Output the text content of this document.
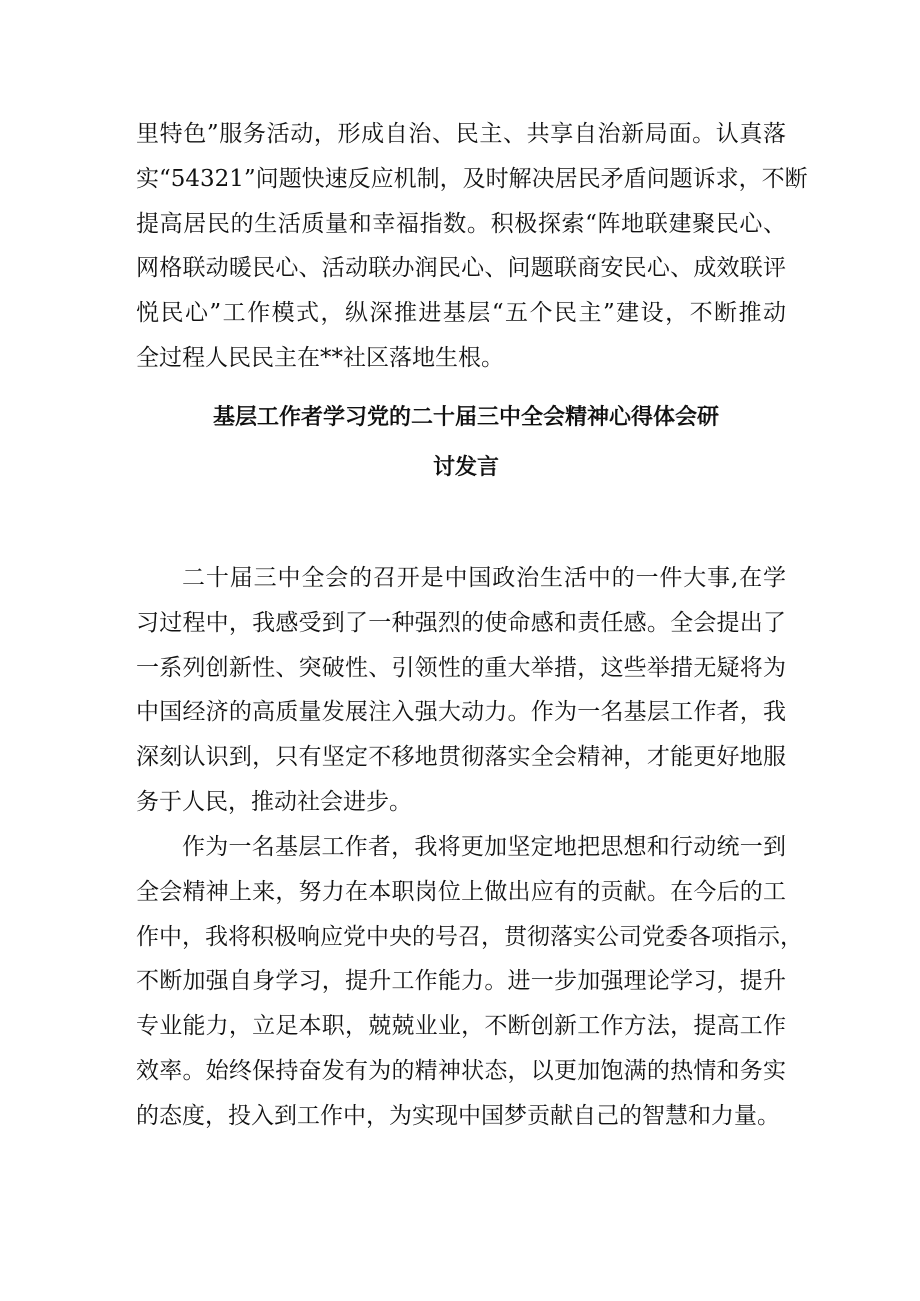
里特色”服务活动，形成自治、民主、共享自治新局面。认真落
实“54321”问题快速反应机制，及时解决居民矛盾问题诉求，不断
提高居民的生活质量和幸福指数。积极探索“阵地联建聚民心、
网格联动暖民心、活动联办润民心、问题联商安民心、成效联评
悦民心”工作模式，纵深推进基层“五个民主”建设，不断推动
全过程人民民主在**社区落地生根。
基层工作者学习党的二十届三中全会精神心得体会研
讨发言
二十届三中全会的召开是中国政治生活中的一件大事,在学
习过程中，我感受到了一种强烈的使命感和责任感。全会提出了
一系列创新性、突破性、引领性的重大举措，这些举措无疑将为
中国经济的高质量发展注入强大动力。作为一名基层工作者，我
深刻认识到，只有坚定不移地贯彻落实全会精神，才能更好地服
务于人民，推动社会进步。
作为一名基层工作者，我将更加坚定地把思想和行动统一到
全会精神上来，努力在本职岗位上做出应有的贡献。在今后的工
作中，我将积极响应党中央的号召，贯彻落实公司党委各项指示，
不断加强自身学习，提升工作能力。进一步加强理论学习，提升
专业能力，立足本职，兢兢业业，不断创新工作方法，提高工作
效率。始终保持奋发有为的精神状态，以更加饱满的热情和务实
的态度，投入到工作中，为实现中国梦贡献自己的智慧和力量。
